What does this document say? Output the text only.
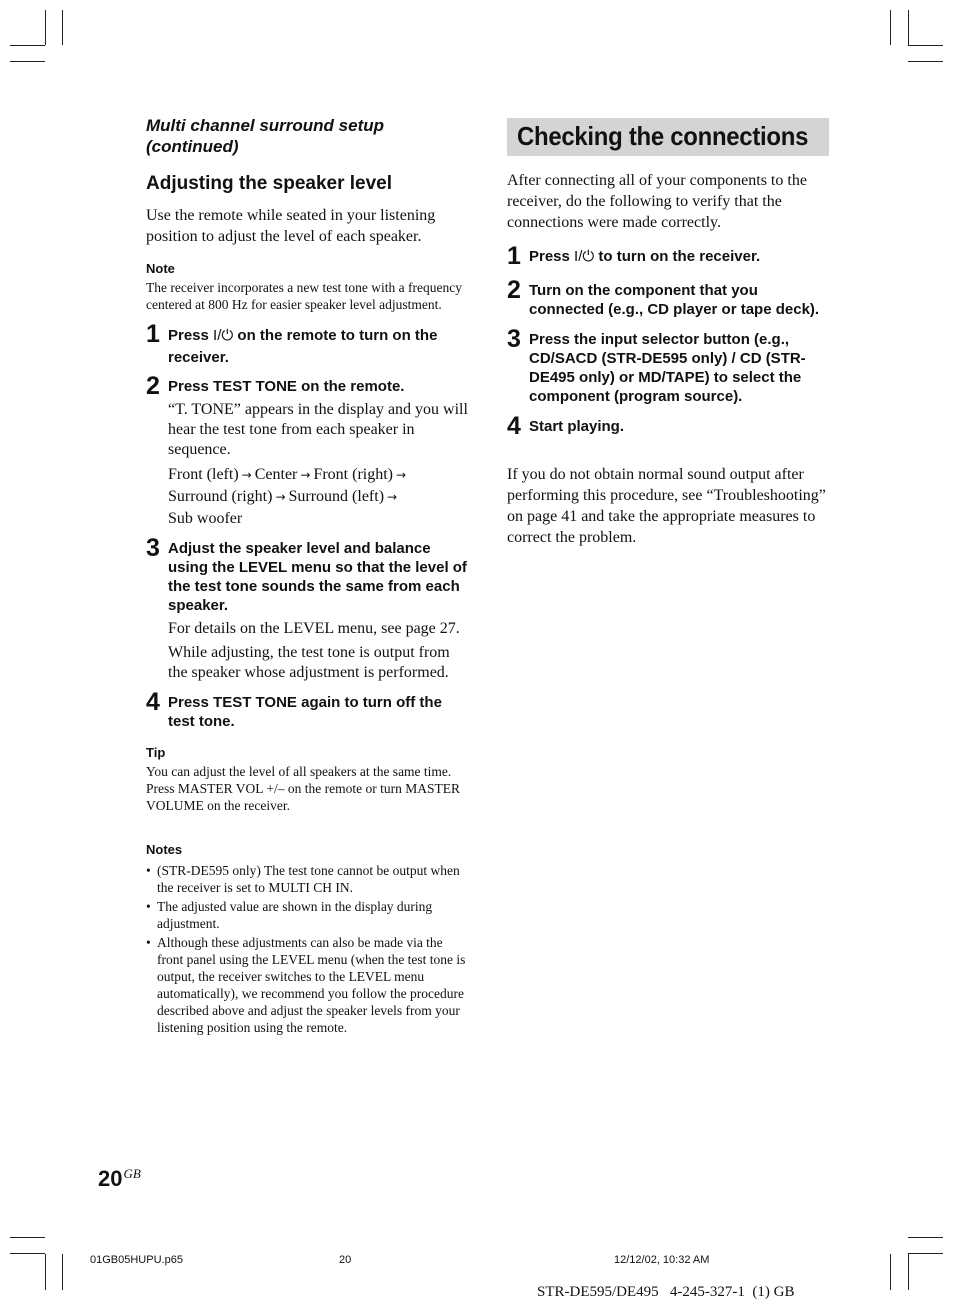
Multi channel surround setup (continued)

Adjusting the speaker level

Use the remote while seated in your listening position to adjust the level of each speaker.

Note

The receiver incorporates a new test tone with a frequency centered at 800 Hz for easier speaker level adjustment.

1 Press I/⏻ on the remote to turn on the receiver.

2 Press TEST TONE on the remote.

“T. TONE” appears in the display and you will hear the test tone from each speaker in sequence.

Front (left) → Center → Front (right) →
Surround (right) → Surround (left) →
Sub woofer

3 Adjust the speaker level and balance using the LEVEL menu so that the level of the test tone sounds the same from each speaker.

For details on the LEVEL menu, see page 27.

While adjusting, the test tone is output from the speaker whose adjustment is performed.

4 Press TEST TONE again to turn off the test tone.

Tip

You can adjust the level of all speakers at the same time. Press MASTER VOL +/– on the remote or turn MASTER VOLUME on the receiver.

Notes

• (STR-DE595 only) The test tone cannot be output when the receiver is set to MULTI CH IN.
• The adjusted value are shown in the display during adjustment.
• Although these adjustments can also be made via the front panel using the LEVEL menu (when the test tone is output, the receiver switches to the LEVEL menu automatically), we recommend you follow the procedure described above and adjust the speaker levels from your listening position using the remote.
Checking the connections

After connecting all of your components to the receiver, do the following to verify that the connections were made correctly.

1 Press I/⏻ to turn on the receiver.

2 Turn on the component that you connected (e.g., CD player or tape deck).

3 Press the input selector button (e.g., CD/SACD (STR-DE595 only) / CD (STR-DE495 only) or MD/TAPE) to select the component (program source).

4 Start playing.

If you do not obtain normal sound output after performing this procedure, see “Troubleshooting” on page 41 and take the appropriate measures to correct the problem.

$20^{GB}$
01GB05HUPU.p65	20	12/12/02, 10:32 AM
STR-DE595/DE495   4-245-327-1  (1) GB
